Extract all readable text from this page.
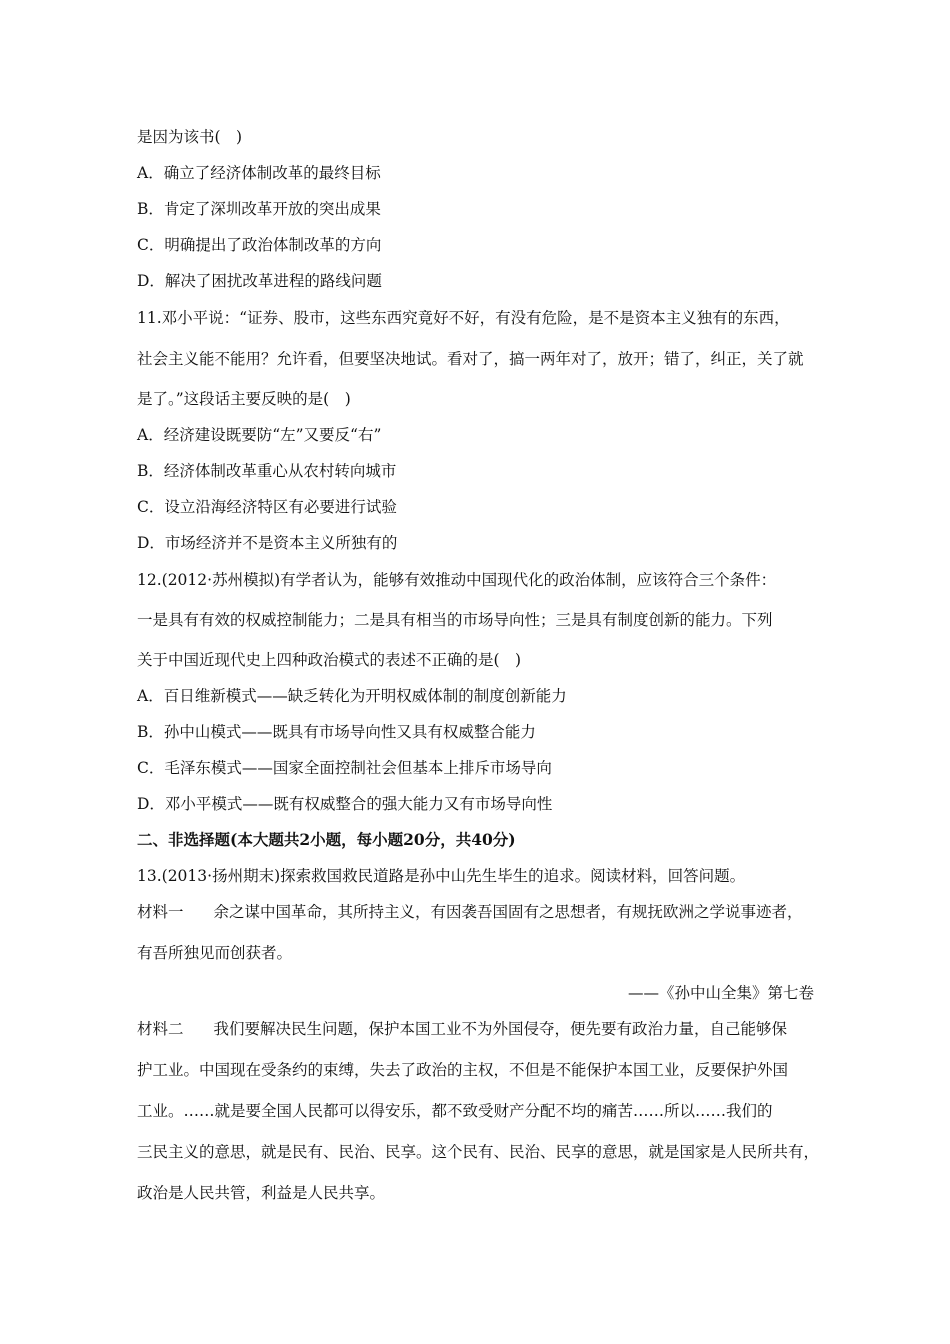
是因为该书(　)
A．确立了经济体制改革的最终目标
B．肯定了深圳改革开放的突出成果
C．明确提出了政治体制改革的方向
D．解决了困扰改革进程的路线问题
11.邓小平说：“证券、股市，这些东西究竟好不好，有没有危险，是不是资本主义独有的东西，
社会主义能不能用？允许看，但要坚决地试。看对了，搞一两年对了，放开；错了，纠正，关了就
是了。”这段话主要反映的是(　)
A．经济建设既要防“左”又要反“右”
B．经济体制改革重心从农村转向城市
C．设立沿海经济特区有必要进行试验
D．市场经济并不是资本主义所独有的
12.(2012·苏州模拟)有学者认为，能够有效推动中国现代化的政治体制，应该符合三个条件：
一是具有有效的权威控制能力；二是具有相当的市场导向性；三是具有制度创新的能力。下列
关于中国近现代史上四种政治模式的表述不正确的是(　)
A．百日维新模式——缺乏转化为开明权威体制的制度创新能力
B．孙中山模式——既具有市场导向性又具有权威整合能力
C．毛泽东模式——国家全面控制社会但基本上排斥市场导向
D．邓小平模式——既有权威整合的强大能力又有市场导向性
二、非选择题(本大题共2小题，每小题20分，共40分)
13.(2013·扬州期末)探索救国救民道路是孙中山先生毕生的追求。阅读材料，回答问题。
材料一 余之谋中国革命，其所持主义，有因袭吾国固有之思想者，有规抚欧洲之学说事迹者，
有吾所独见而创获者。
——《孙中山全集》第七卷
材料二 我们要解决民生问题，保护本国工业不为外国侵夺，便先要有政治力量，自己能够保
护工业。中国现在受条约的束缚，失去了政治的主权，不但是不能保护本国工业，反要保护外国
工业。……就是要全国人民都可以得安乐，都不致受财产分配不均的痛苦……所以……我们的
三民主义的意思，就是民有、民治、民享。这个民有、民治、民享的意思，就是国家是人民所共有，
政治是人民共管，利益是人民共享。
